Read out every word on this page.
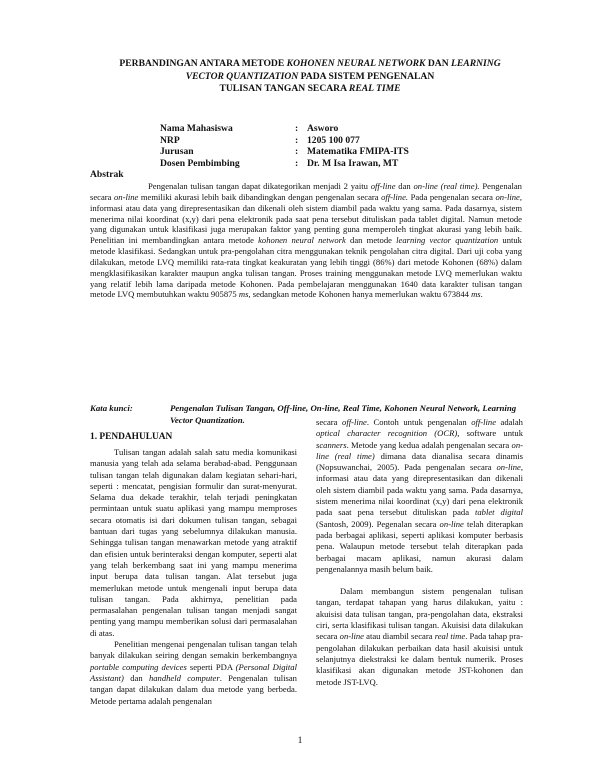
PERBANDINGAN ANTARA METODE KOHONEN NEURAL NETWORK DAN LEARNING
VECTOR QUANTIZATION PADA SISTEM PENGENALAN
TULISAN TANGAN SECARA REAL TIME
Nama Mahasiswa	: Asworo
NRP	: 1205 100 077
Jurusan	: Matematika FMIPA-ITS
Dosen Pembimbing	: Dr. M Isa Irawan, MT
Abstrak

Pengenalan tulisan tangan dapat dikategorikan menjadi 2 yaitu off-line dan on-line (real time). Pengenalan secara on-line memiliki akurasi lebih baik dibandingkan dengan pengenalan secara off-line. Pada pengenalan secara on-line, informasi atau data yang direpresentasikan dan dikenali oleh sistem diambil pada waktu yang sama. Pada dasarnya, sistem menerima nilai koordinat (x,y) dari pena elektronik pada saat pena tersebut dituliskan pada tablet digital. Namun metode yang digunakan untuk klasifikasi juga merupakan faktor yang penting guna memperoleh tingkat akurasi yang lebih baik. Penelitian ini membandingkan antara metode kohonen neural network dan metode learning vector quantization untuk metode klasifikasi. Sedangkan untuk pra-pengolahan citra menggunakan teknik pengolahan citra digital. Dari uji coba yang dilakukan, metode LVQ memiliki rata-rata tingkat keakuratan yang lebih tinggi (86%) dari metode Kohonen (68%) dalam mengklasifikasikan karakter maupun angka tulisan tangan. Proses training menggunakan metode LVQ memerlukan waktu yang relatif lebih lama daripada metode Kohonen. Pada pembelajaran menggunakan 1640 data karakter tulisan tangan metode LVQ membutuhkan waktu 905875 ms, sedangkan metode Kohonen hanya memerlukan waktu 673844 ms.

Kata kunci:	Pengenalan Tulisan Tangan, Off-line, On-line, Real Time, Kohonen Neural Network, Learning Vector Quantization.
1. PENDAHULUAN

Tulisan tangan adalah salah satu media komunikasi manusia yang telah ada selama berabad-abad. Penggunaan tulisan tangan telah digunakan dalam kegiatan sehari-hari, seperti : mencatat, pengisian formulir dan surat-menyurat. Selama dua dekade terakhir, telah terjadi peningkatan permintaan untuk suatu aplikasi yang mampu memproses secara otomatis isi dari dokumen tulisan tangan, sebagai bantuan dari tugas yang sebelumnya dilakukan manusia. Sehingga tulisan tangan menawarkan metode yang atraktif dan efisien untuk berinteraksi dengan komputer, seperti alat yang telah berkembang saat ini yang mampu menerima input berupa data tulisan tangan. Alat tersebut juga memerlukan metode untuk mengenali input berupa data tulisan tangan. Pada akhirnya, penelitian pada permasalahan pengenalan tulisan tangan menjadi sangat penting yang mampu memberikan solusi dari permasalahan di atas.

Penelitian mengenai pengenalan tulisan tangan telah banyak dilakukan seiring dengan semakin berkembangnya portable computing devices seperti PDA (Personal Digital Assistant) dan handheld computer. Pengenalan tulisan tangan dapat dilakukan dalam dua metode yang berbeda. Metode pertama adalah pengenalan

secara off-line. Contoh untuk pengenalan off-line adalah optical character recognition (OCR), software untuk scanners. Metode yang kedua adalah pengenalan secara on-line (real time) dimana data dianalisa secara dinamis (Nopsuwanchai, 2005). Pada pengenalan secara on-line, informasi atau data yang direpresentasikan dan dikenali oleh sistem diambil pada waktu yang sama. Pada dasarnya, sistem menerima nilai koordinat (x,y) dari pena elektronik pada saat pena tersebut dituliskan pada tablet digital (Santosh, 2009). Pegenalan secara on-line telah diterapkan pada berbagai aplikasi, seperti aplikasi komputer berbasis pena. Walaupun metode tersebut telah diterapkan pada berbagai macam aplikasi, namun akurasi dalam pengenalannya masih belum baik.

Dalam membangun sistem pengenalan tulisan tangan, terdapat tahapan yang harus dilakukan, yaitu : akuisisi data tulisan tangan, pra-pengolahan data, ekstraksi ciri, serta klasifikasi tulisan tangan. Akuisisi data dilakukan secara on-line atau diambil secara real time. Pada tahap pra-pengolahan dilakukan perbaikan data hasil akuisisi untuk selanjutnya diekstraksi ke dalam bentuk numerik. Proses klasifikasi akan digunakan metode JST-kohonen dan metode JST-LVQ.

1
